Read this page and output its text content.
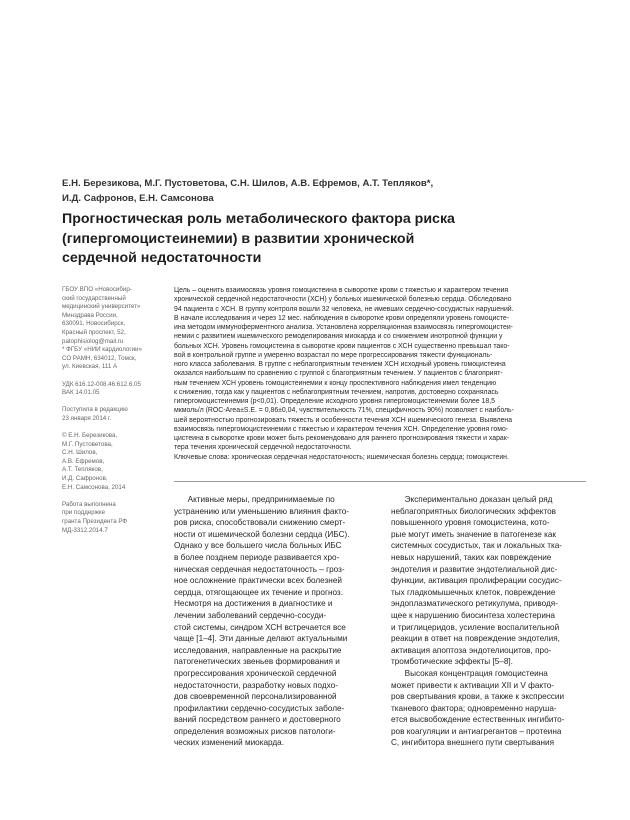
Е.Н. Березикова, М.Г. Пустоветова, С.Н. Шилов, А.В. Ефремов, А.Т. Тепляков*,
И.Д. Сафронов, Е.Н. Самсонова
Прогностическая роль метаболического фактора риска
(гипергомоцистеинемии) в развитии хронической
сердечной недостаточности
ГБОУ ВПО «Новосибир-
ский государственный
медицинский университет»
Минздрава России,
630091, Новосибирск,
Красный проспект, 52,
patophisiolog@mail.ru
* ФГБУ «НИИ кардиологии»
СО РАМН, 634012, Томск,
ул. Киевская, 111 А
УДК 616.12-008.46:612.6.05
ВАК 14.01.05
Поступила в редакцию
23 января 2014 г.
© Е.Н. Березикова,
М.Г. Пустоветова,
С.Н. Шилов,
А.В. Ефремов,
А.Т. Тепляков,
И.Д. Сафронов,
Е.Н. Самсонова, 2014
Работа выполнена
при поддержке
гранта Президента РФ
МД-3312.2014.7
Цель – оценить взаимосвязь уровня гомоцистеина в сыворотке крови с тяжестью и характером течения
хронической сердечной недостаточности (ХСН) у больных ишемической болезнью сердца. Обследовано
94 пациента с ХСН. В группу контроля вошли 32 человека, не имевших сердечно-сосудистых нарушений.
В начале исследования и через 12 мес. наблюдения в сыворотке крови определяли уровень гомоцисте-
ина методом иммуноферментного анализа. Установлена корреляционная взаимосвязь гипергомоцистеи-
немии с развитием ишемического ремоделирования миокарда и со снижением инотропной функции у
больных ХСН. Уровень гомоцистеина в сыворотке крови пациентов с ХСН существенно превышал тако-
вой в контрольной группе и умеренно возрастал по мере прогрессирования тяжести функциональ-
ного класса заболевания. В группе с неблагоприятным течением ХСН исходный уровень гомоцистеина
оказался наибольшим по сравнению с группой с благоприятным течением. У пациентов с благоприят-
ным течением ХСН уровень гомоцистеинемии к концу проспективного наблюдения имел тенденцию
к снижению, тогда как у пациентов с неблагоприятным течением, напротив, достоверно сохранялась
гипергомоцистеинемия (p<0,01). Определение исходного уровня гипергомоцистеинемии более 18,5
мкмоль/л (ROC-Area±S.E. = 0,86±0,04, чувствительность 71%, специфичность 90%) позволяет с наиболь-
шей вероятностью прогнозировать тяжесть и особенности течения ХСН ишемического генеза. Выявлена
взаимосвязь гипергомоцистеинемии с тяжестью и характером течения ХСН. Определение уровня гомо-
цистеина в сыворотке крови может быть рекомендовано для раннего прогнозирования тяжести и харак-
тера течения хронической сердечной недостаточности.
Ключевые слова: хроническая сердечная недостаточность; ишемическая болезнь сердца; гомоцистеин.
Активные меры, предпринимаемые по
устранению или уменьшению влияния факто-
ров риска, способствовали снижению смерт-
ности от ишемической болезни сердца (ИБС).
Однако у все большего числа больных ИБС
в более позднем периоде развивается хро-
ническая сердечная недостаточность – гроз-
ное осложнение практически всех болезней
сердца, отягощающее их течение и прогноз.
Несмотря на достижения в диагностике и
лечении заболеваний сердечно-сосуди-
стой системы, синдром ХСН встречается все
чаще [1–4]. Эти данные делают актуальными
исследования, направленные на раскрытие
патогенетических звеньев формирования и
прогрессирования хронической сердечной
недостаточности, разработку новых подхо-
дов своевременной персонализированной
профилактики сердечно-сосудистых заболе-
ваний посредством раннего и достоверного
определения возможных рисков патологи-
ческих изменений миокарда.
Экспериментально доказан целый ряд
неблагоприятных биологических эффектов
повышенного уровня гомоцистеина, кото-
рые могут иметь значение в патогенезе как
системных сосудистых, так и локальных тка-
невых нарушений, таких как повреждение
эндотелия и развитие эндотелиальной дис-
функции, активация пролиферации сосудис-
тых гладкомышечных клеток, повреждение
эндоплазматического ретикулума, приводя-
щее к нарушению биосинтеза холестерина
и триглицеридов, усиление воспалительной
реакции в ответ на повреждение эндотелия,
активация апоптоза эндотелиоцитов, про-
тромботические эффекты [5–8].
Высокая концентрация гомоцистеина
может привести к активации XII и V факто-
ров свертывания крови, а также к экспрессии
тканевого фактора; одновременно наруша-
ется высвобождение естественных ингибито-
ров коагуляции и антиагрегантов – протеина
C, ингибитора внешнего пути свертывания
